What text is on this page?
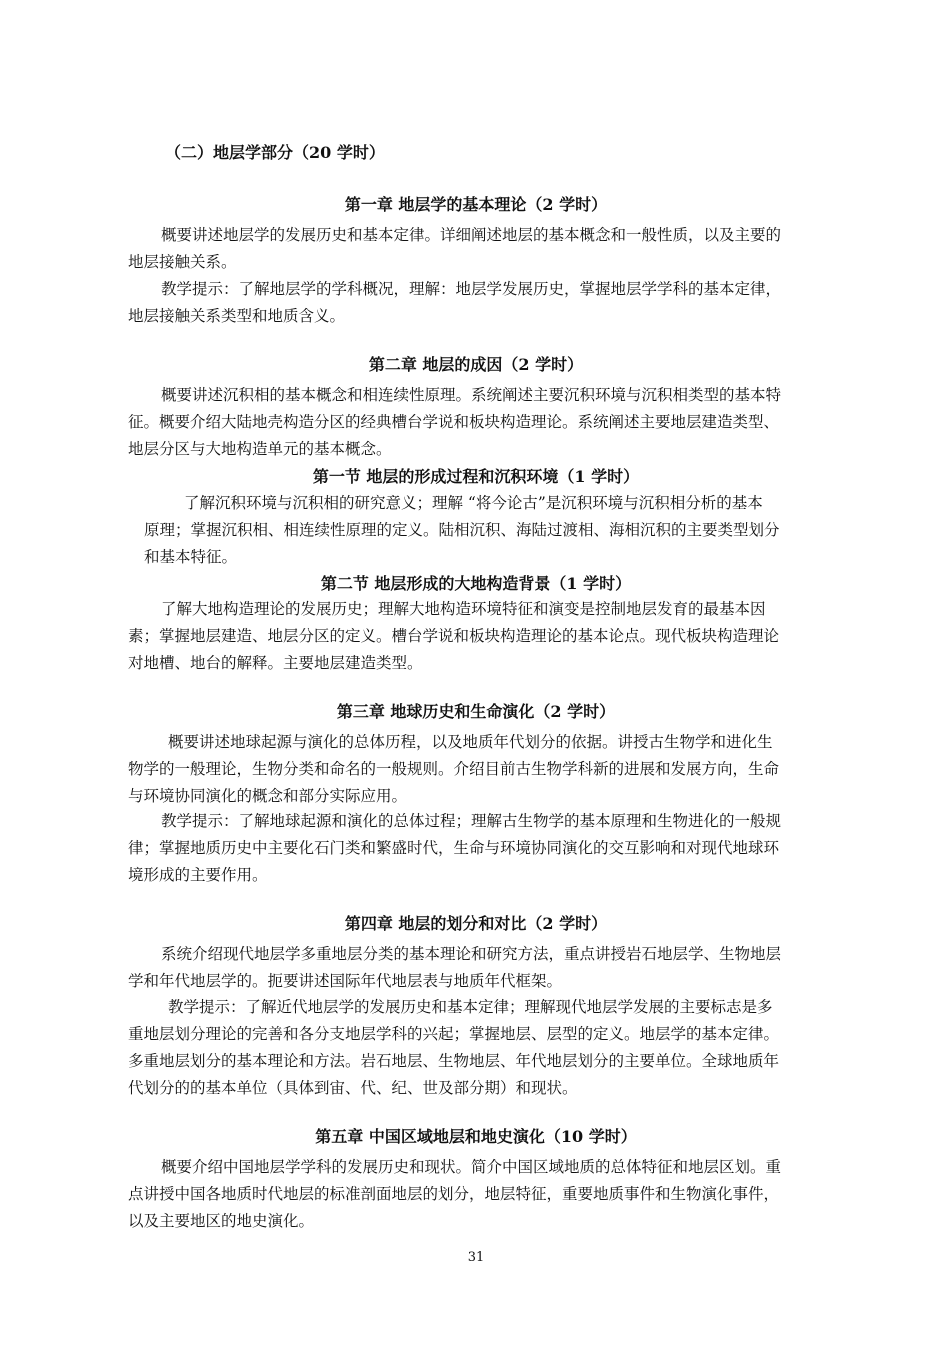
（二）地层学部分（20 学时）
第一章 地层学的基本理论（2 学时）
概要讲述地层学的发展历史和基本定律。详细阐述地层的基本概念和一般性质，以及主要的
地层接触关系。
教学提示：了解地层学的学科概况，理解：地层学发展历史，掌握地层学学科的基本定律，
地层接触关系类型和地质含义。
第二章 地层的成因（2 学时）
概要讲述沉积相的基本概念和相连续性原理。系统阐述主要沉积环境与沉积相类型的基本特
征。概要介绍大陆地壳构造分区的经典槽台学说和板块构造理论。系统阐述主要地层建造类型、
地层分区与大地构造单元的基本概念。
第一节 地层的形成过程和沉积环境（1 学时）
了解沉积环境与沉积相的研究意义；理解 “将今论古”是沉积环境与沉积相分析的基本
原理；掌握沉积相、相连续性原理的定义。陆相沉积、海陆过渡相、海相沉积的主要类型划分
和基本特征。
第二节 地层形成的大地构造背景（1 学时）
了解大地构造理论的发展历史；理解大地构造环境特征和演变是控制地层发育的最基本因
素；掌握地层建造、地层分区的定义。槽台学说和板块构造理论的基本论点。现代板块构造理论
对地槽、地台的解释。主要地层建造类型。
第三章 地球历史和生命演化（2 学时）
概要讲述地球起源与演化的总体历程，以及地质年代划分的依据。讲授古生物学和进化生
物学的一般理论，生物分类和命名的一般规则。介绍目前古生物学科新的进展和发展方向，生命
与环境协同演化的概念和部分实际应用。
教学提示：了解地球起源和演化的总体过程；理解古生物学的基本原理和生物进化的一般规
律；掌握地质历史中主要化石门类和繁盛时代，生命与环境协同演化的交互影响和对现代地球环
境形成的主要作用。
第四章 地层的划分和对比（2 学时）
系统介绍现代地层学多重地层分类的基本理论和研究方法，重点讲授岩石地层学、生物地层
学和年代地层学的。扼要讲述国际年代地层表与地质年代框架。
教学提示：了解近代地层学的发展历史和基本定律；理解现代地层学发展的主要标志是多
重地层划分理论的完善和各分支地层学科的兴起；掌握地层、层型的定义。地层学的基本定律。
多重地层划分的基本理论和方法。岩石地层、生物地层、年代地层划分的主要单位。全球地质年
代划分的的基本单位（具体到宙、代、纪、世及部分期）和现状。
第五章 中国区域地层和地史演化（10 学时）
概要介绍中国地层学学科的发展历史和现状。简介中国区域地质的总体特征和地层区划。重
点讲授中国各地质时代地层的标准剖面地层的划分，地层特征，重要地质事件和生物演化事件，
以及主要地区的地史演化。
31
